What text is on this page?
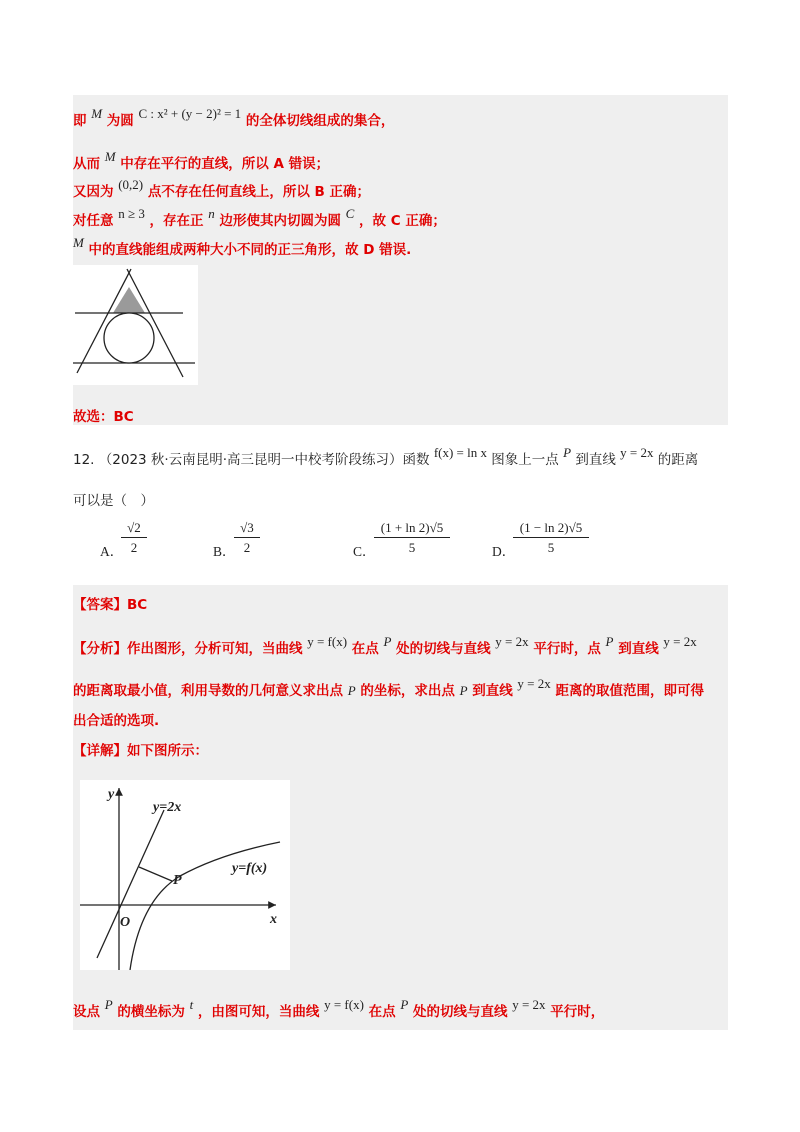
即 M 为圆 C : x² + (y − 2)² = 1 的全体切线组成的集合，
从而 M 中存在平行的直线，所以 A 错误；
又因为 (0,2) 点不存在任何直线上，所以 B 正确；
对任意 n ≥ 3 ，存在正 n 边形使其内切圆为圆 C ，故 C 正确；
M 中的直线能组成两种大小不同的正三角形，故 D 错误.
故选：BC
12. （2023 秋·云南昆明·高三昆明一中校考阶段练习）函数 f(x) = ln x 图象上一点 P 到直线 y = 2x 的距离
可以是（　）
A．
$\frac{√2}{2}$	B．
$\frac{√3}{2}$	C．
$\frac{(1 + \ln 2)√5}{5}$	D．
$\frac{(1 - \ln 2)√5}{5}$
【答案】BC
【分析】作出图形，分析可知，当曲线 y = f(x) 在点 P 处的切线与直线 y = 2x 平行时，点 P 到直线 y = 2x
的距离取最小值，利用导数的几何意义求出点 P 的坐标，求出点 P 到直线 y = 2x 距离的取值范围，即可得
出合适的选项.
【详解】如下图所示：
y
x
O
y=2x
y=f(x)
P
设点 P 的横坐标为 t ，由图可知，当曲线 y = f(x) 在点 P 处的切线与直线 y = 2x 平行时，
